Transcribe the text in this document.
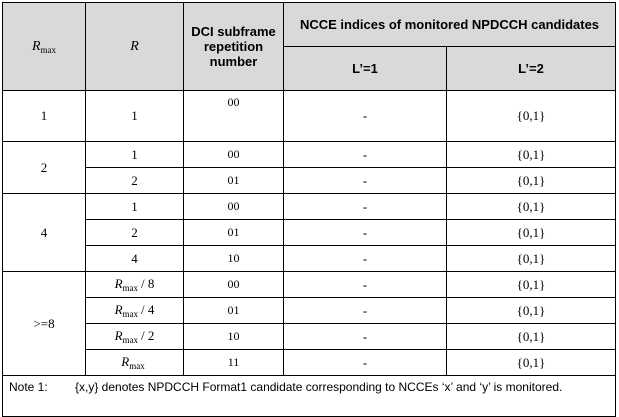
$R_{max}$	R	DCI subframe repetition number	NCCE indices of monitored NPDCCH candidates	
			L’=1	L’=2
1	1	00	-	{0,1}
2	1	00	-	{0,1}
	2	01	-	{0,1}
4	1	00	-	{0,1}
	2	01	-	{0,1}
	4	10	-	{0,1}
>=8	$R_{max} / 8$	00	-	{0,1}
	$R_{max} / 4$	01	-	{0,1}
	$R_{max} / 2$	10	-	{0,1}
	$R_{max}$	11	-	{0,1}
Note 1: {x,y} denotes NPDCCH Format1 candidate corresponding to NCCEs ‘x’ and ‘y’ is monitored.				
